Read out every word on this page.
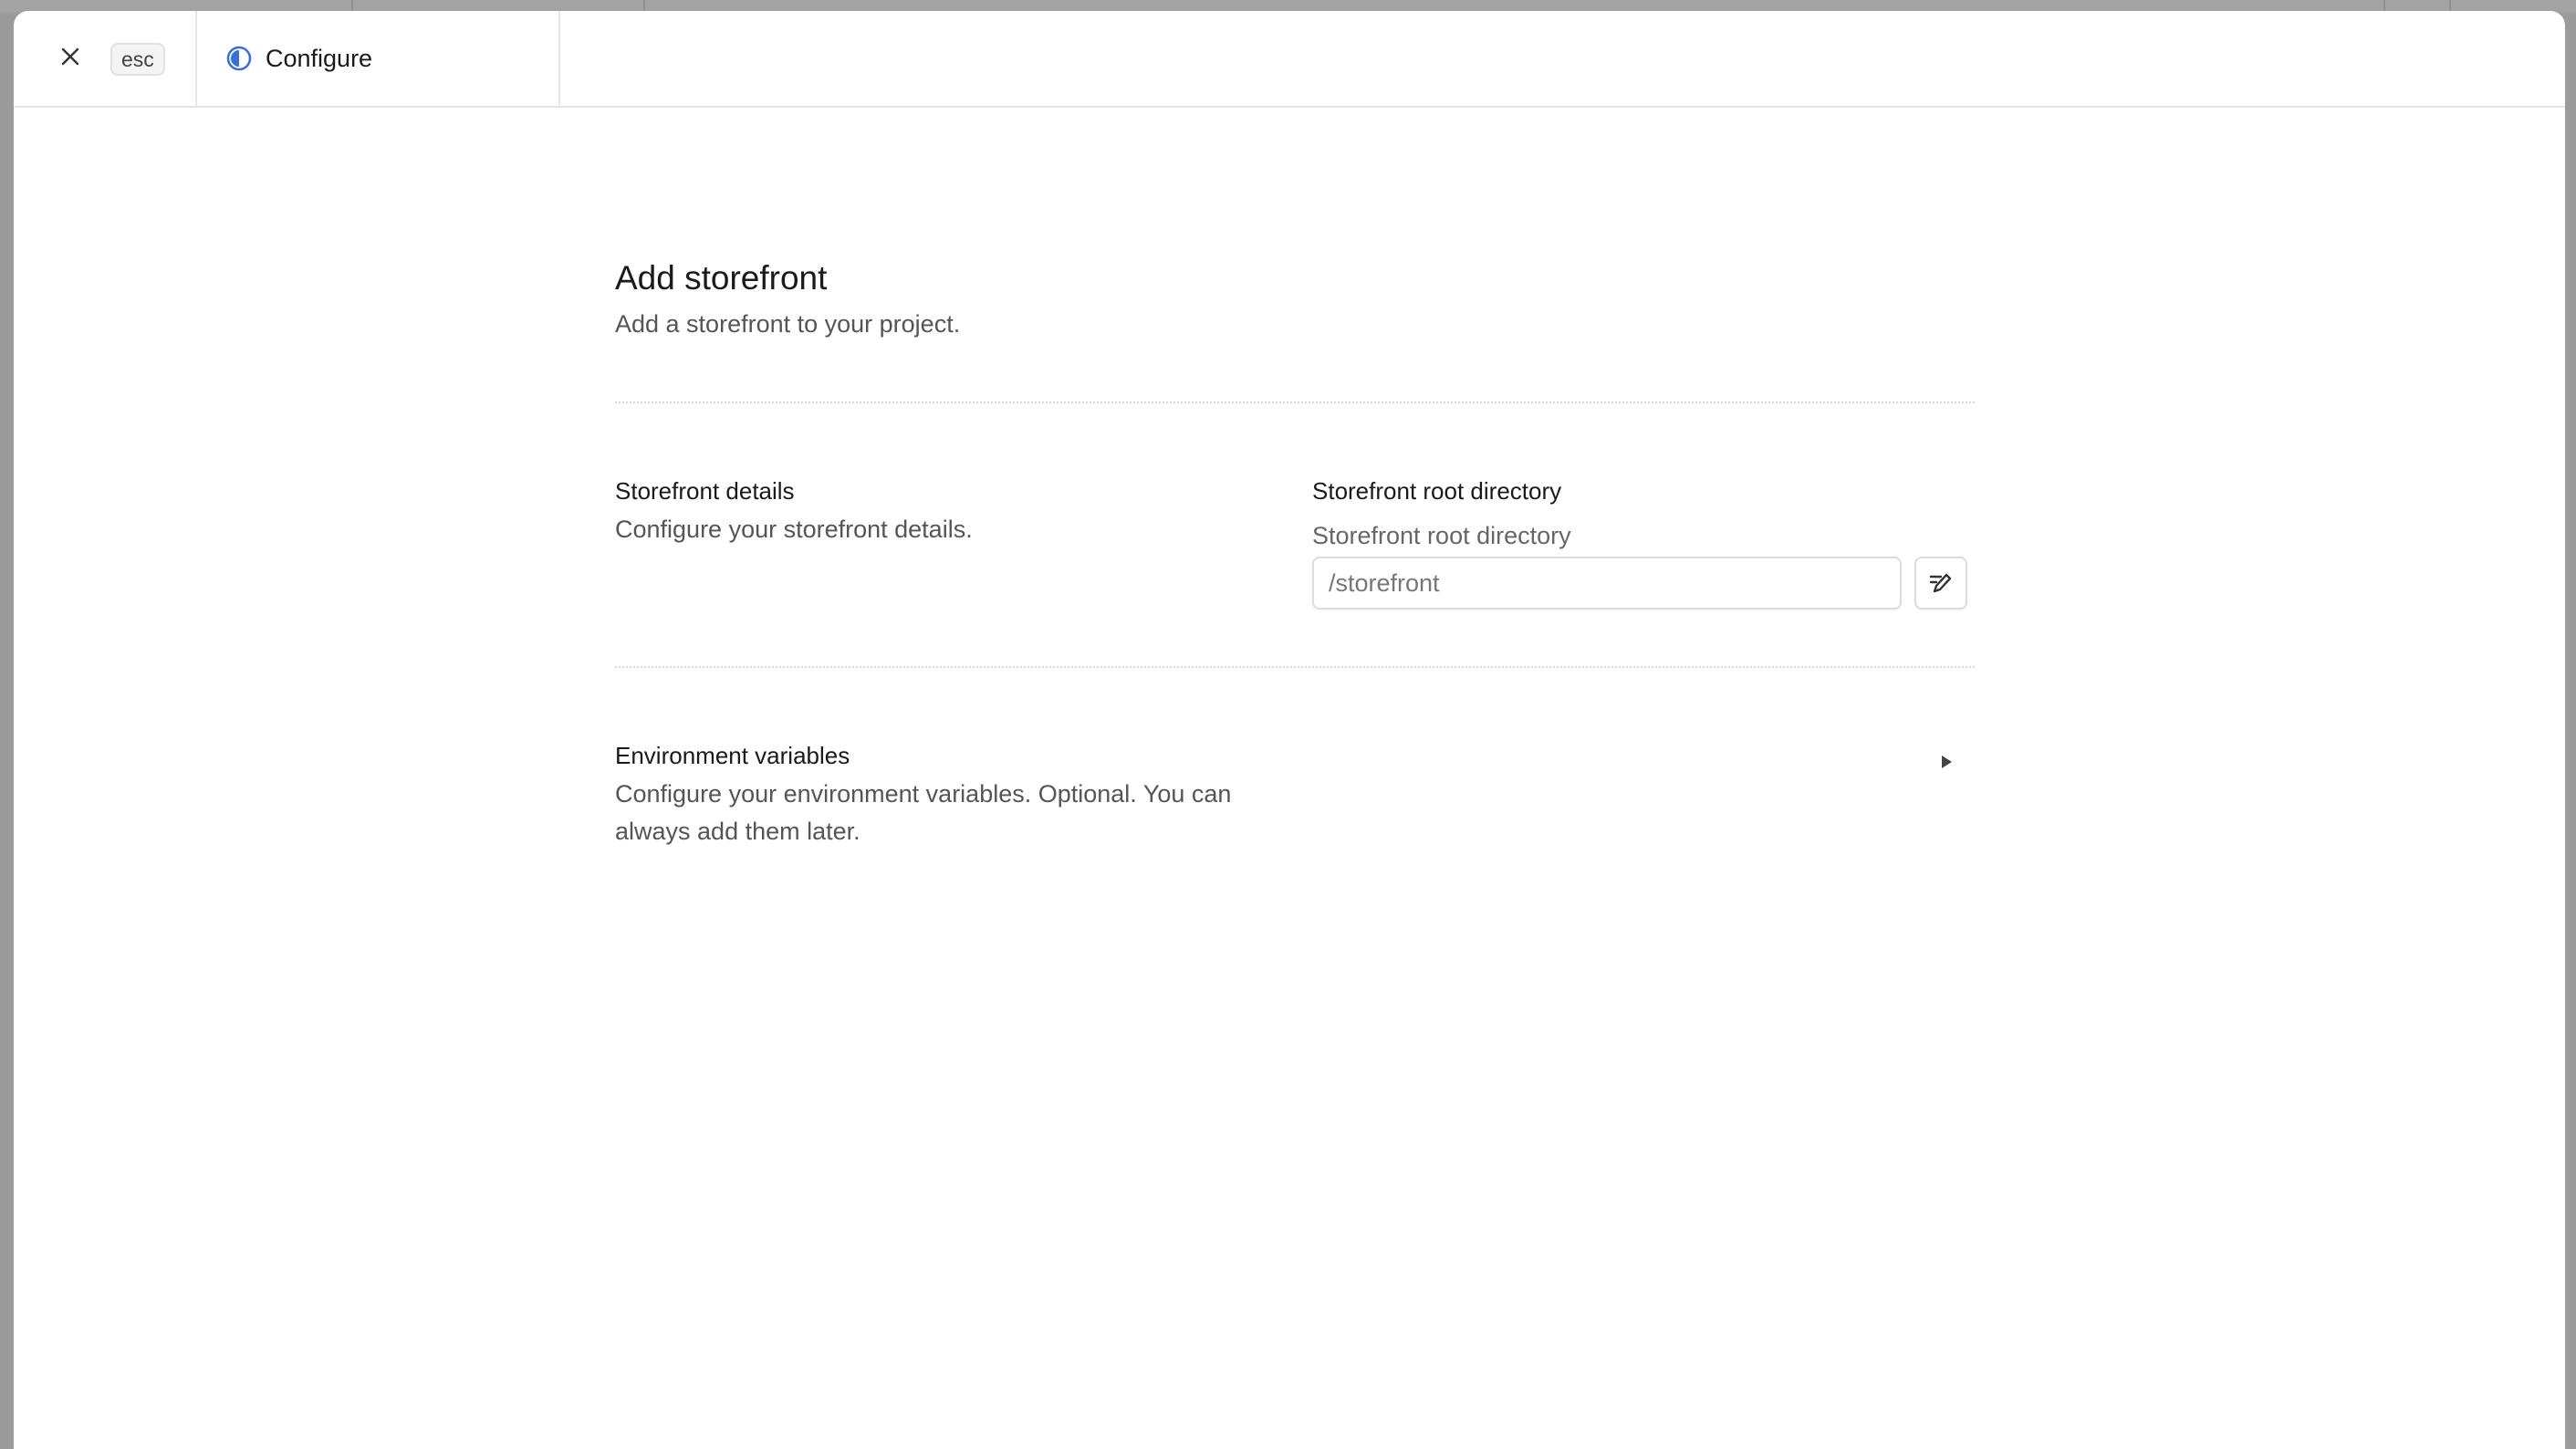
esc	Configure
Add storefront
Add a storefront to your project.
Storefront details
Configure your storefront details.
Storefront root directory
Storefront root directory
/storefront
Environment variables
Configure your environment variables. Optional. You can always add them later.
